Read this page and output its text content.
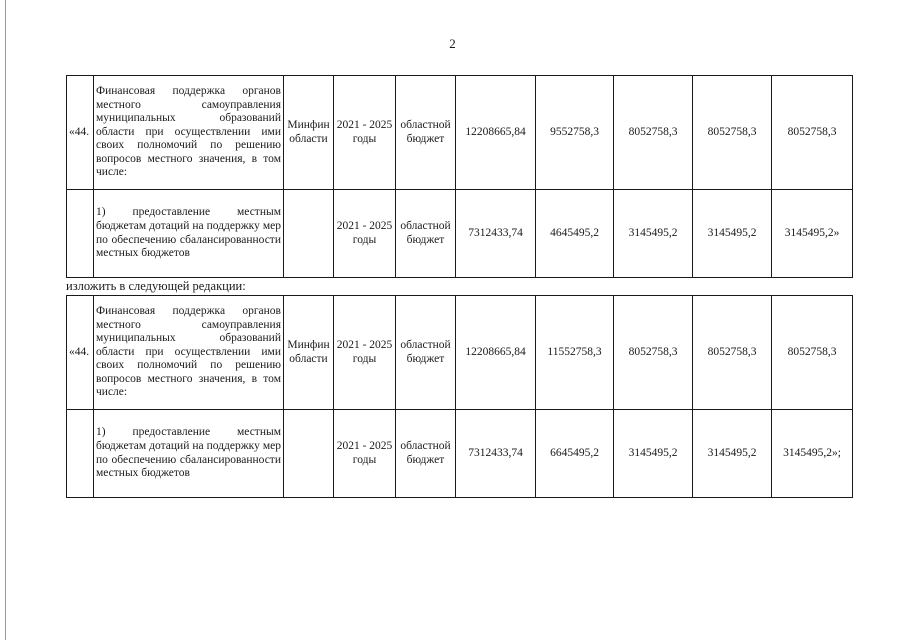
2
«44.	Финансовая поддержка органов местного самоуправления муниципальных образований области при осуществлении ими своих полномочий по решению вопросов местного значения, в том числе:	Минфин области	2021 - 2025 годы	областной бюджет	12208665,84	9552758,3	8052758,3	8052758,3	8052758,3
	1) предоставление местным бюджетам дотаций на поддержку мер по обеспечению сбалансированности местных бюджетов		2021 - 2025 годы	областной бюджет	7312433,74	4645495,2	3145495,2	3145495,2	3145495,2»
изложить в следующей редакции:
«44.	Финансовая поддержка органов местного самоуправления муниципальных образований области при осуществлении ими своих полномочий по решению вопросов местного значения, в том числе:	Минфин области	2021 - 2025 годы	областной бюджет	12208665,84	11552758,3	8052758,3	8052758,3	8052758,3
	1) предоставление местным бюджетам дотаций на поддержку мер по обеспечению сбалансированности местных бюджетов		2021 - 2025 годы	областной бюджет	7312433,74	6645495,2	3145495,2	3145495,2	3145495,2»;
